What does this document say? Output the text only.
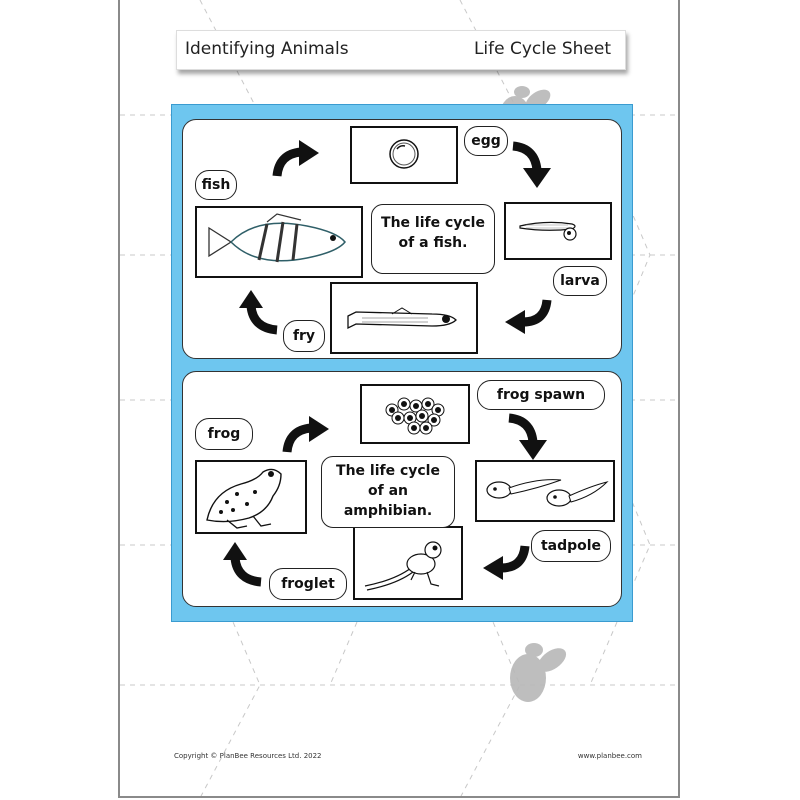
Identifying Animals	Life Cycle Sheet
egg
larva
fry
fish
The life cycle
of a fish.
frog spawn
tadpole
froglet
frog
The life cycle
of an
amphibian.
Copyright © PlanBee Resources Ltd. 2022	www.planbee.com
